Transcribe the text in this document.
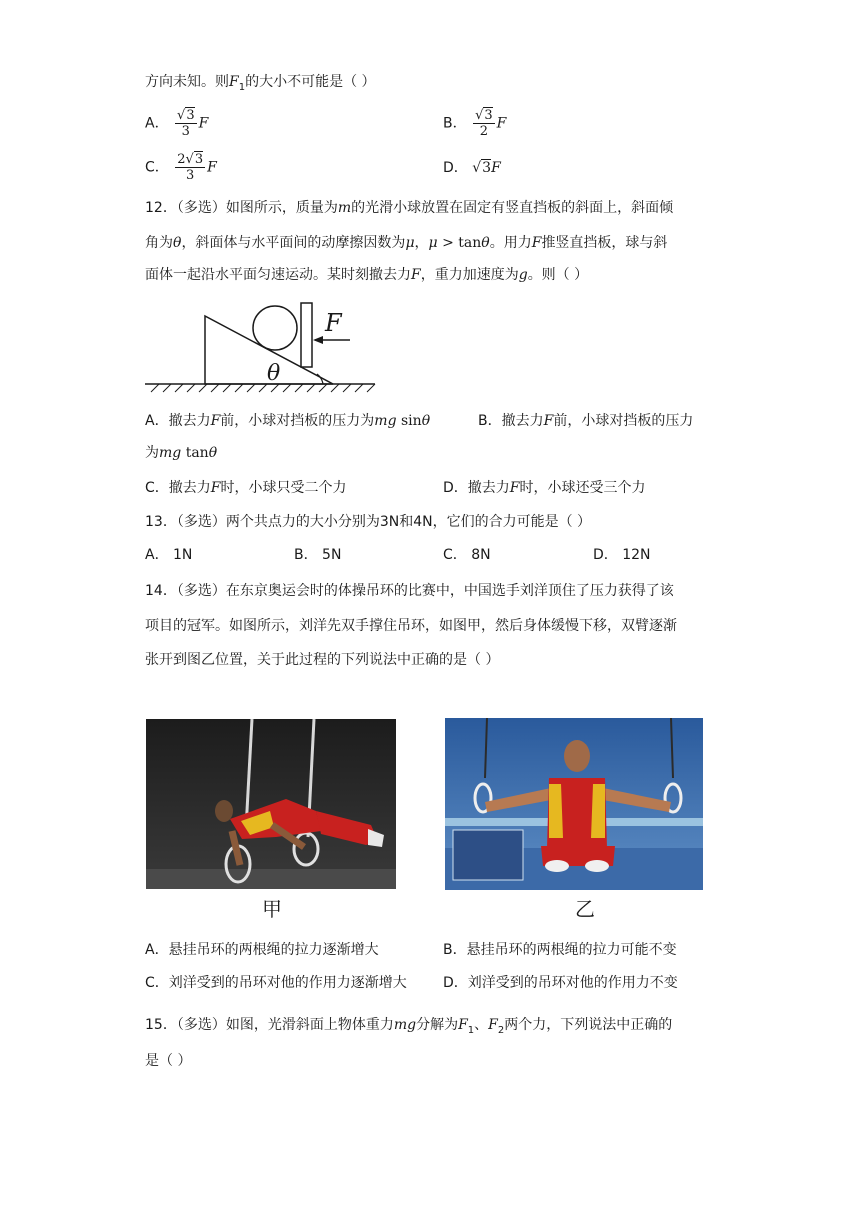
方向未知。则$F_1$的大小不可能是（ ）
A． $\frac{√3}{3}$ F	B． $\frac{√3}{2}$ F
C． $\frac{2√3}{3}$ F	D． √3F
12．（多选）如图所示，质量为m的光滑小球放置在固定有竖直挡板的斜面上，斜面倾
角为θ，斜面体与水平面间的动摩擦因数为μ，μ > tanθ。用力F推竖直挡板，球与斜
面体一起沿水平面匀速运动。某时刻撤去力F，重力加速度为g。则（ ）
F
θ
A．撤去力F前，小球对挡板的压力为mg sinθ	B．撤去力F前，小球对挡板的压力
为mg tanθ
C．撤去力F时，小球只受二个力	D．撤去力F时，小球还受三个力
13．（多选）两个共点力的大小分别为3N和4N，它们的合力可能是（ ）
A． 1N	B． 5N	C． 8N	D． 12N
14．（多选）在东京奥运会时的体操吊环的比赛中，中国选手刘洋顶住了压力获得了该
项目的冠军。如图所示，刘洋先双手撑住吊环，如图甲，然后身体缓慢下移，双臂逐渐
张开到图乙位置，关于此过程的下列说法中正确的是（ ）
甲	乙
A．悬挂吊环的两根绳的拉力逐渐增大	B．悬挂吊环的两根绳的拉力可能不变
C．刘洋受到的吊环对他的作用力逐渐增大	D．刘洋受到的吊环对他的作用力不变
15．（多选）如图，光滑斜面上物体重力mg分解为$F_1$、$F_2$两个力，下列说法中正确的
是（ ）
